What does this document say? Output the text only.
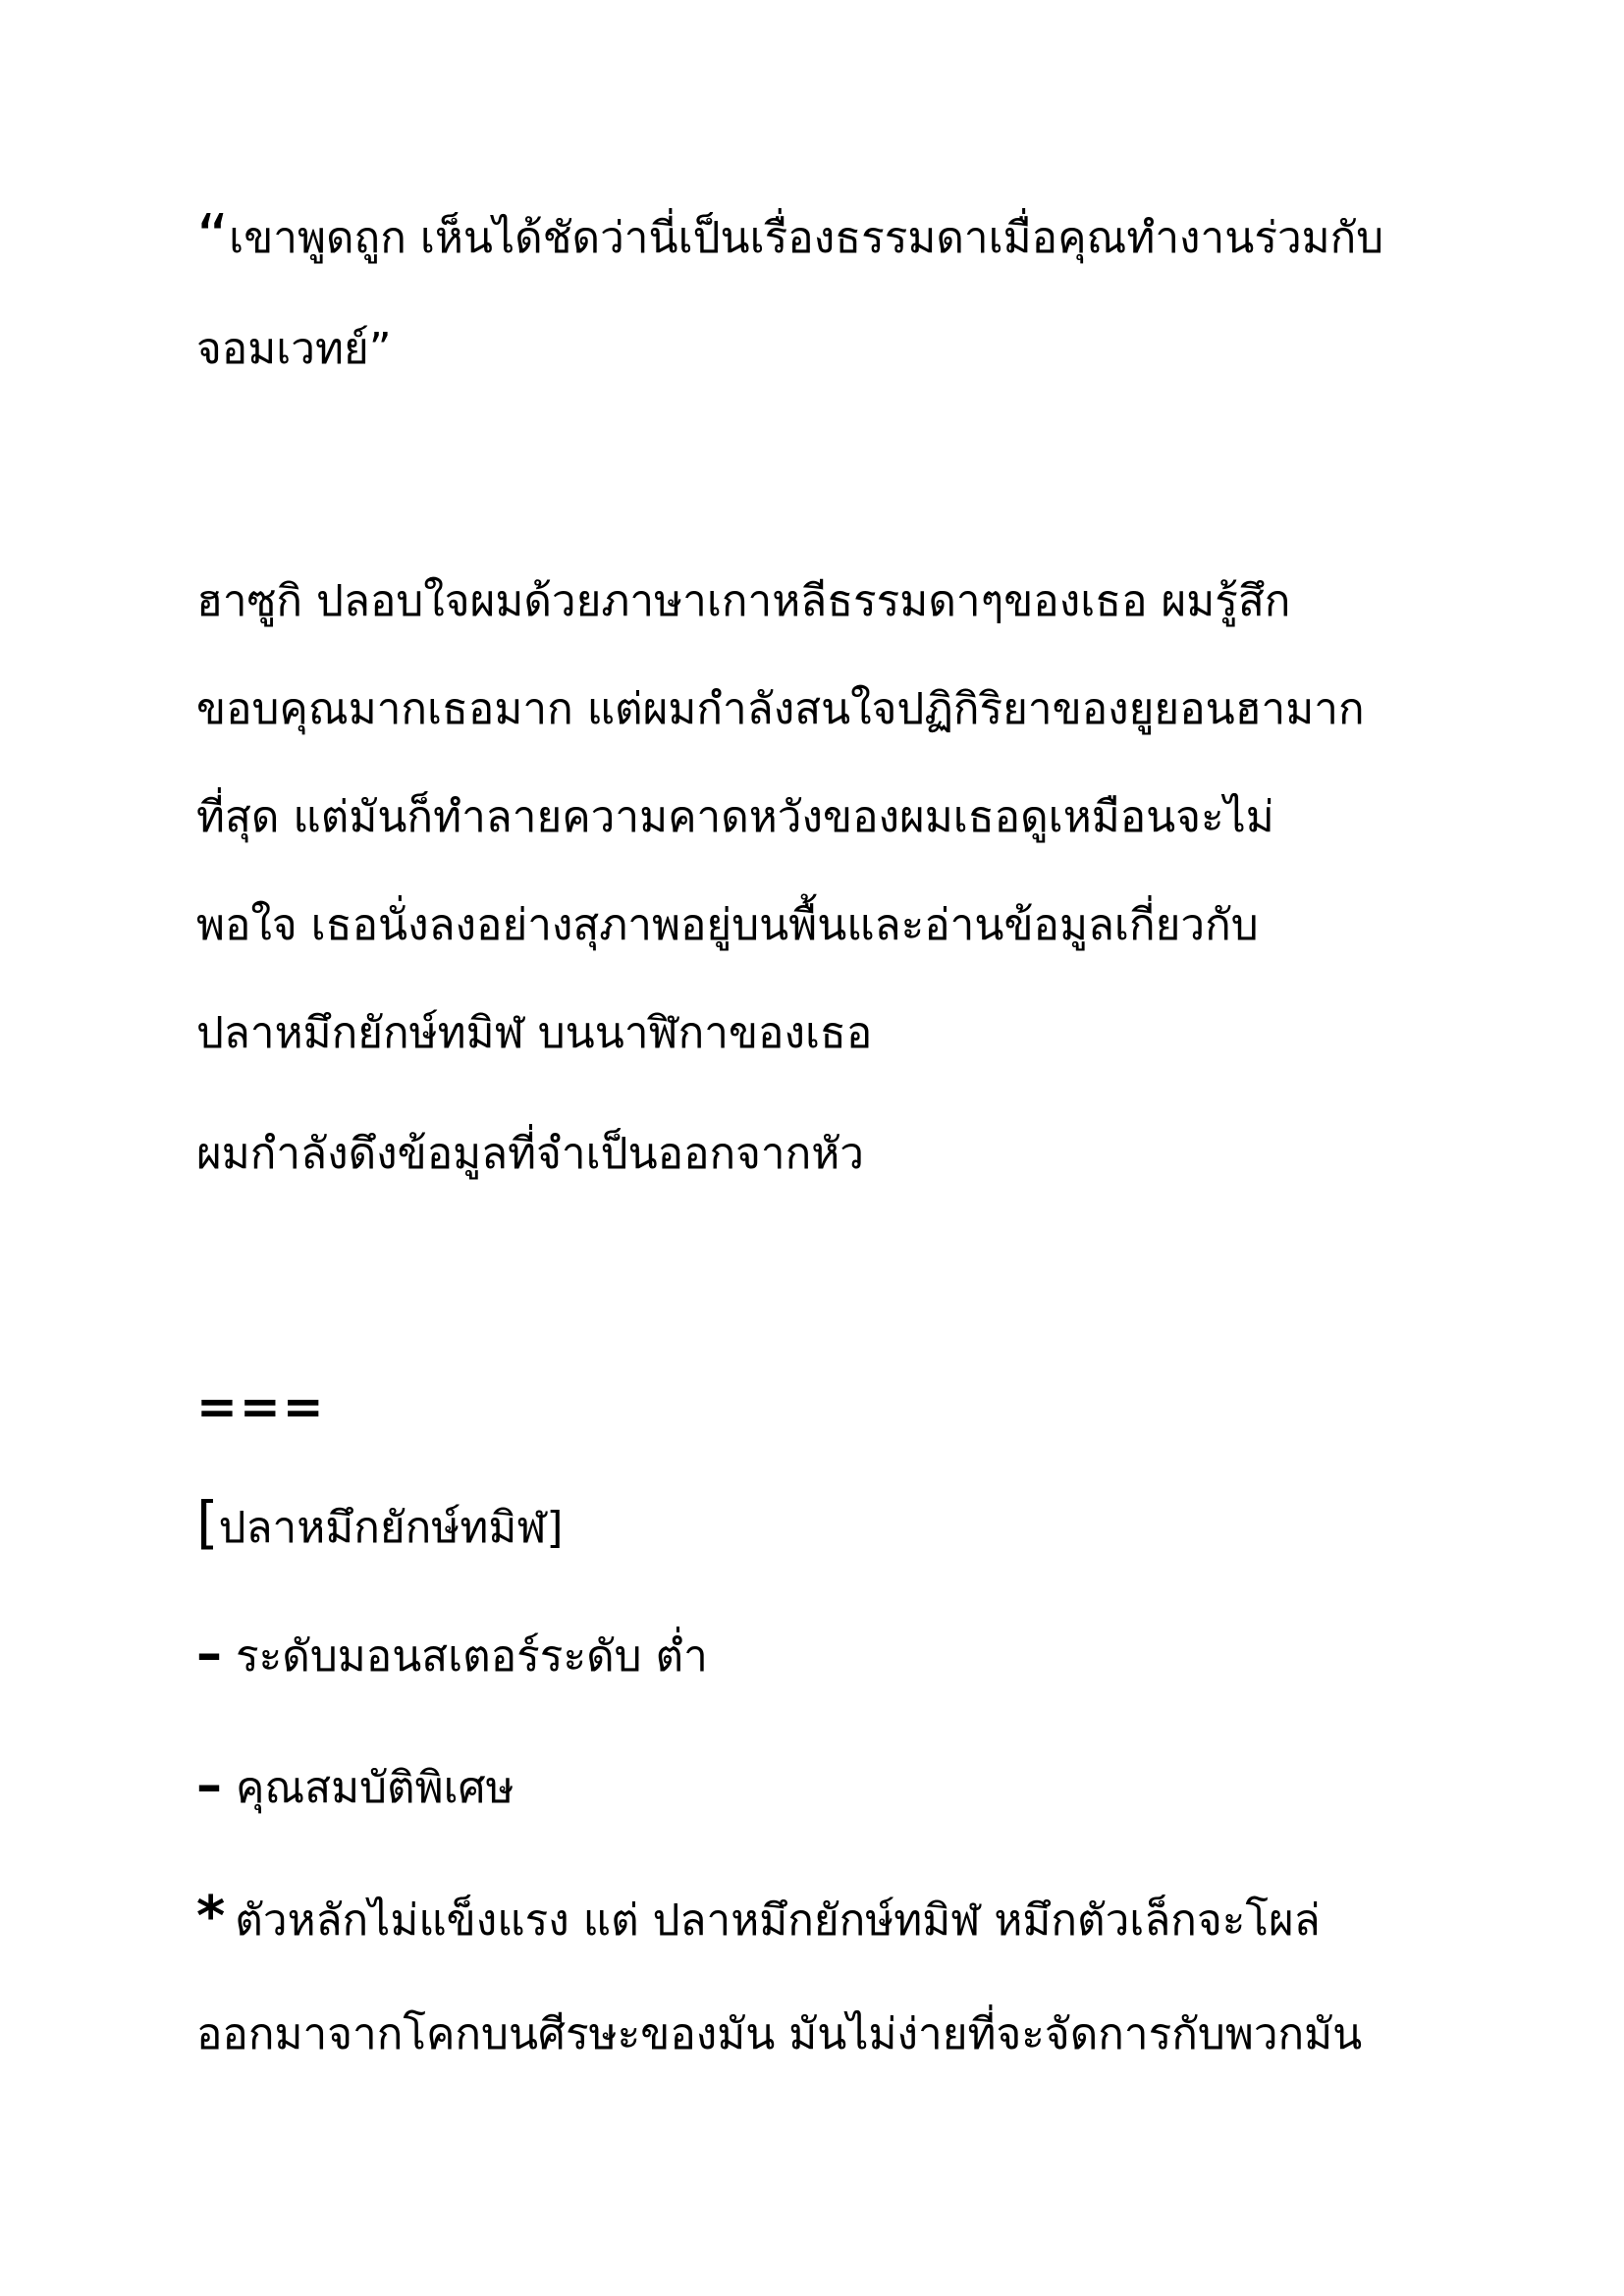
“เขาพูดถูก เห็นได้ชัดว่านี่เป็นเรื่องธรรมดาเมื่อคุณทำงานร่วมกับ
จอมเวทย์”
ฮาซูกิ ปลอบใจผมด้วยภาษาเกาหลีธรรมดาๆของเธอ ผมรู้สึก
ขอบคุณมากเธอมาก แต่ผมกำลังสนใจปฏิกิริยาของยูยอนฮามาก
ที่สุด แต่มันก็ทำลายความคาดหวังของผมเธอดูเหมือนจะไม่
พอใจ เธอนั่งลงอย่างสุภาพอยู่บนพื้นและอ่านข้อมูลเกี่ยวกับ
ปลาหมึกยักษ์ทมิฬ บนนาฬิกาของเธอ
ผมกำลังดึงข้อมูลที่จำเป็นออกจากหัว
===
[ปลาหมึกยักษ์ทมิฬ]
– ระดับมอนสเตอร์ระดับ ต่ำ
– คุณสมบัติพิเศษ
* ตัวหลักไม่แข็งแรง แต่ ปลาหมึกยักษ์ทมิฬ หมึกตัวเล็กจะโผล่
ออกมาจากโคกบนศีรษะของมัน มันไม่ง่ายที่จะจัดการกับพวกมัน
